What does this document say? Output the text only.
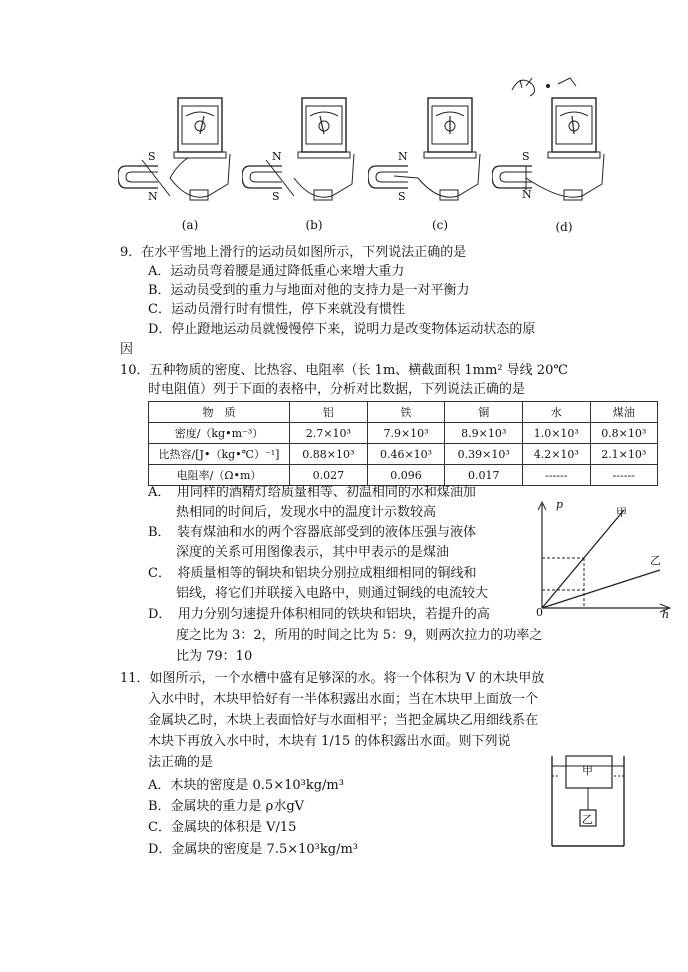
S
N
(a)
N
S
(b)
N
S
(c)
S
N
(d)
9．在水平雪地上滑行的运动员如图所示，下列说法正确的是
A．运动员弯着腰是通过降低重心来增大重力
B．运动员受到的重力与地面对他的支持力是一对平衡力
C．运动员滑行时有惯性，停下来就没有惯性
D．停止蹬地运动员就慢慢停下来，说明力是改变物体运动状态的原
因
10．五种物质的密度、比热容、电阻率（长 1m、横截面积 1mm² 导线 20℃
时电阻值）列于下面的表格中，分析对比数据，下列说法正确的是
物　质	铝	铁	铜	水	煤油
密度/（kg•m⁻³）	2.7×10³	7.9×10³	8.9×10³	1.0×10³	0.8×10³
比热容/[J•（kg•℃）⁻¹]	0.88×10³	0.46×10³	0.39×10³	4.2×10³	2.1×10³
电阻率/（Ω•m）	0.027	0.096	0.017	------	------
A．　用同样的酒精灯给质量相等、初温相同的水和煤油加
热相同的时间后，发现水中的温度计示数较高
B．　装有煤油和水的两个容器底部受到的液体压强与液体
深度的关系可用图像表示，其中甲表示的是煤油
C．　将质量相等的铜块和铝块分别拉成粗细相同的铜线和
铝线，将它们并联接入电路中，则通过铜线的电流较大
D．　用力分别匀速提升体积相同的铁块和铝块，若提升的高
度之比为 3：2，所用的时间之比为 5：9，则两次拉力的功率之
比为 79：10
p
h
0
甲
乙
11．如图所示，一个水槽中盛有足够深的水。将一个体积为 V 的木块甲放
入水中时，木块甲恰好有一半体积露出水面；当在木块甲上面放一个
金属块乙时，木块上表面恰好与水面相平；当把金属块乙用细线系在
木块下再放入水中时，木块有 1/15 的体积露出水面。则下列说
法正确的是
A．木块的密度是 0.5×10³kg/m³
B．金属块的重力是 ρ水gV
C．金属块的体积是 V/15
D．金属块的密度是 7.5×10³kg/m³
甲
乙
